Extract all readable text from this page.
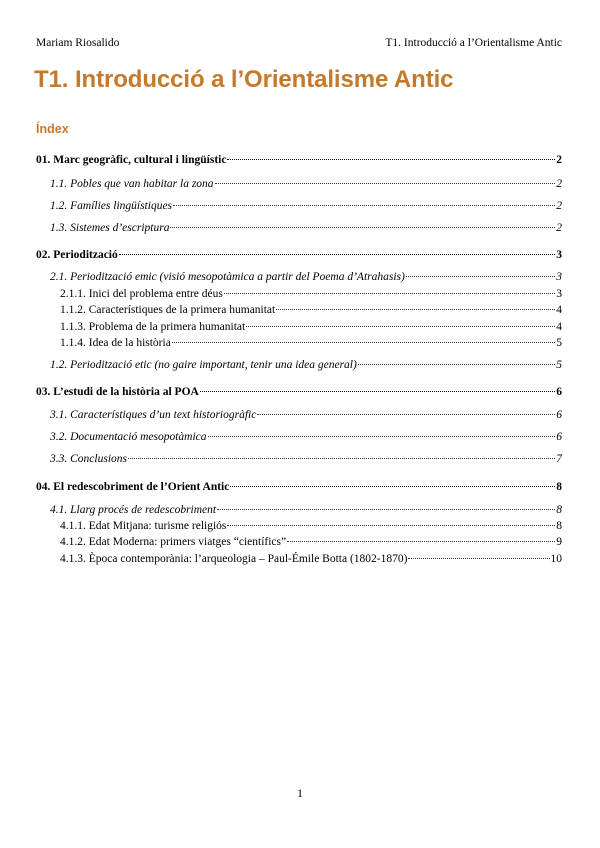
Mariam Riosalido	T1. Introducció a l’Orientalisme Antic
T1. Introducció a l’Orientalisme Antic
Índex
01. Marc geogràfic, cultural i lingüístic	2
1.1. Pobles que van habitar la zona	2
1.2. Famílies lingüístiques	2
1.3. Sistemes d’escriptura	2
02. Periodització	3
2.1. Periodització emic (visió mesopotàmica a partir del Poema d’Atrahasis)	3
2.1.1. Inici del problema entre déus	3
1.1.2. Característiques de la primera humanitat	4
1.1.3. Problema de la primera humanitat	4
1.1.4. Idea de la història	5
1.2. Periodització etic (no gaire important, tenir una idea general)	5
03. L’estudi de la història al POA	6
3.1. Característiques d’un text historiogràfic	6
3.2. Documentació mesopotàmica	6
3.3. Conclusions	7
04. El redescobriment de l’Orient Antic	8
4.1. Llarg procés de redescobriment	8
4.1.1. Edat Mitjana: turisme religiós	8
4.1.2. Edat Moderna: primers viatges “científics”	9
4.1.3. Època contemporània: l’arqueologia – Paul-Émile Botta (1802-1870)	10
1
